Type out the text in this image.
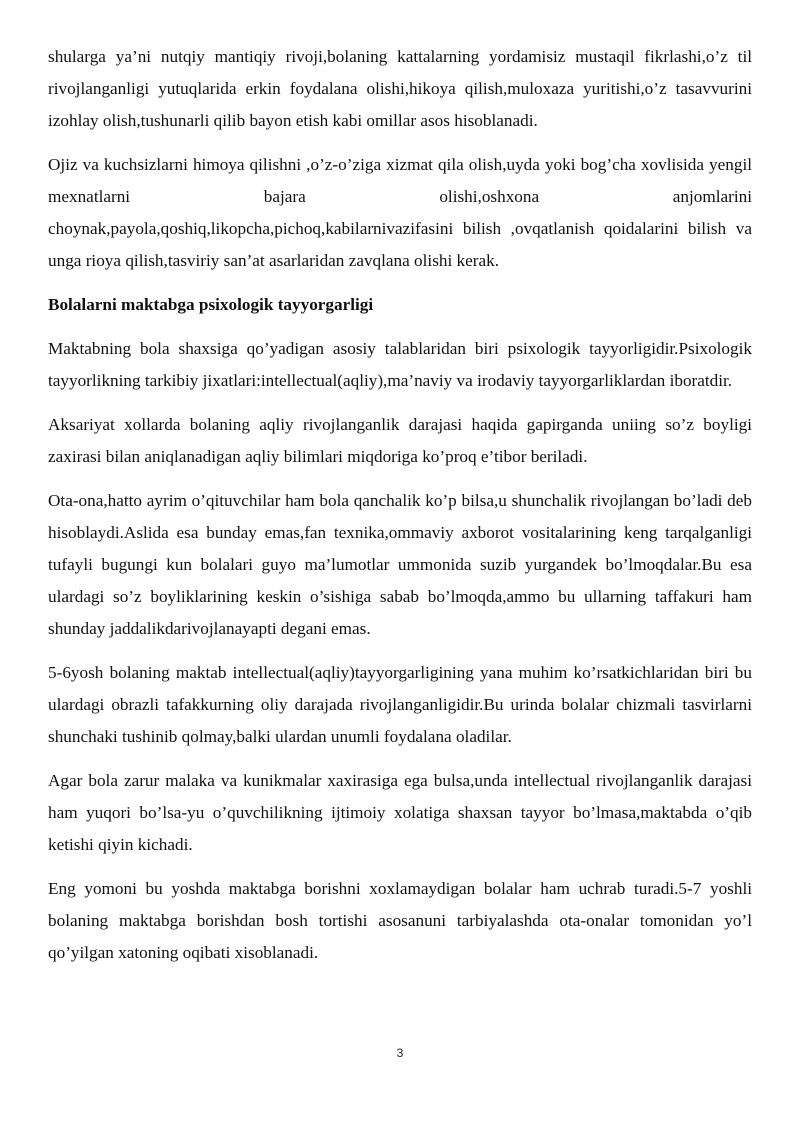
shularga ya’ni nutqiy mantiqiy rivoji,bolaning kattalarning yordamisiz mustaqil fikrlashi,o’z til rivojlanganligi yutuqlarida erkin foydalana olishi,hikoya qilish,muloxaza yuritishi,o’z tasavvurini izohlay olish,tushunarli qilib bayon etish kabi omillar asos hisoblanadi.

Ojiz va kuchsizlarni himoya qilishni ,o’z-o’ziga xizmat qila olish,uyda yoki bog’cha xovlisida yengil mexnatlarni bajara olishi,oshxona anjomlarini choynak,payola,qoshiq,likopcha,pichoq,kabilarnivazifasini bilish ,ovqatlanish qoidalarini bilish va unga rioya qilish,tasviriy san’at asarlaridan zavqlana olishi kerak.

Bolalarni maktabga psixologik tayyorgarligi

Maktabning bola shaxsiga qo’yadigan asosiy talablaridan biri psixologik tayyorligidir.Psixologik tayyorlikning tarkibiy jixatlari:intellectual(aqliy),ma’naviy va irodaviy tayyorgarliklardan iboratdir.

Aksariyat xollarda bolaning aqliy rivojlanganlik darajasi haqida gapirganda uniing so’z boyligi zaxirasi bilan aniqlanadigan aqliy bilimlari miqdoriga ko’proq e’tibor beriladi.

Ota-ona,hatto ayrim o’qituvchilar ham bola qanchalik ko’p bilsa,u shunchalik rivojlangan bo’ladi deb hisoblaydi.Aslida esa bunday emas,fan texnika,ommaviy axborot vositalarining keng tarqalganligi tufayli bugungi kun bolalari guyo ma’lumotlar ummonida suzib yurgandek bo’lmoqdalar.Bu esa ulardagi so’z boyliklarining keskin o’sishiga sabab bo’lmoqda,ammo bu ullarning taffakuri ham shunday jaddalikdarivojlanayapti degani emas.

5-6yosh bolaning maktab intellectual(aqliy)tayyorgarligining yana muhim ko’rsatkichlaridan biri bu ulardagi obrazli tafakkurning oliy darajada rivojlanganligidir.Bu urinda bolalar chizmali tasvirlarni shunchaki tushinib qolmay,balki ulardan unumli foydalana oladilar.

Agar bola zarur malaka va kunikmalar xaxirasiga ega bulsa,unda intellectual rivojlanganlik darajasi ham yuqori bo’lsa-yu o’quvchilikning ijtimoiy xolatiga shaxsan tayyor bo’lmasa,maktabda o’qib ketishi qiyin kichadi.

Eng yomoni bu yoshda maktabga borishni xoxlamaydigan bolalar ham uchrab turadi.5-7 yoshli bolaning maktabga borishdan bosh tortishi asosanuni tarbiyalashda ota-onalar tomonidan yo’l qo’yilgan xatoning oqibati xisoblanadi.

3
